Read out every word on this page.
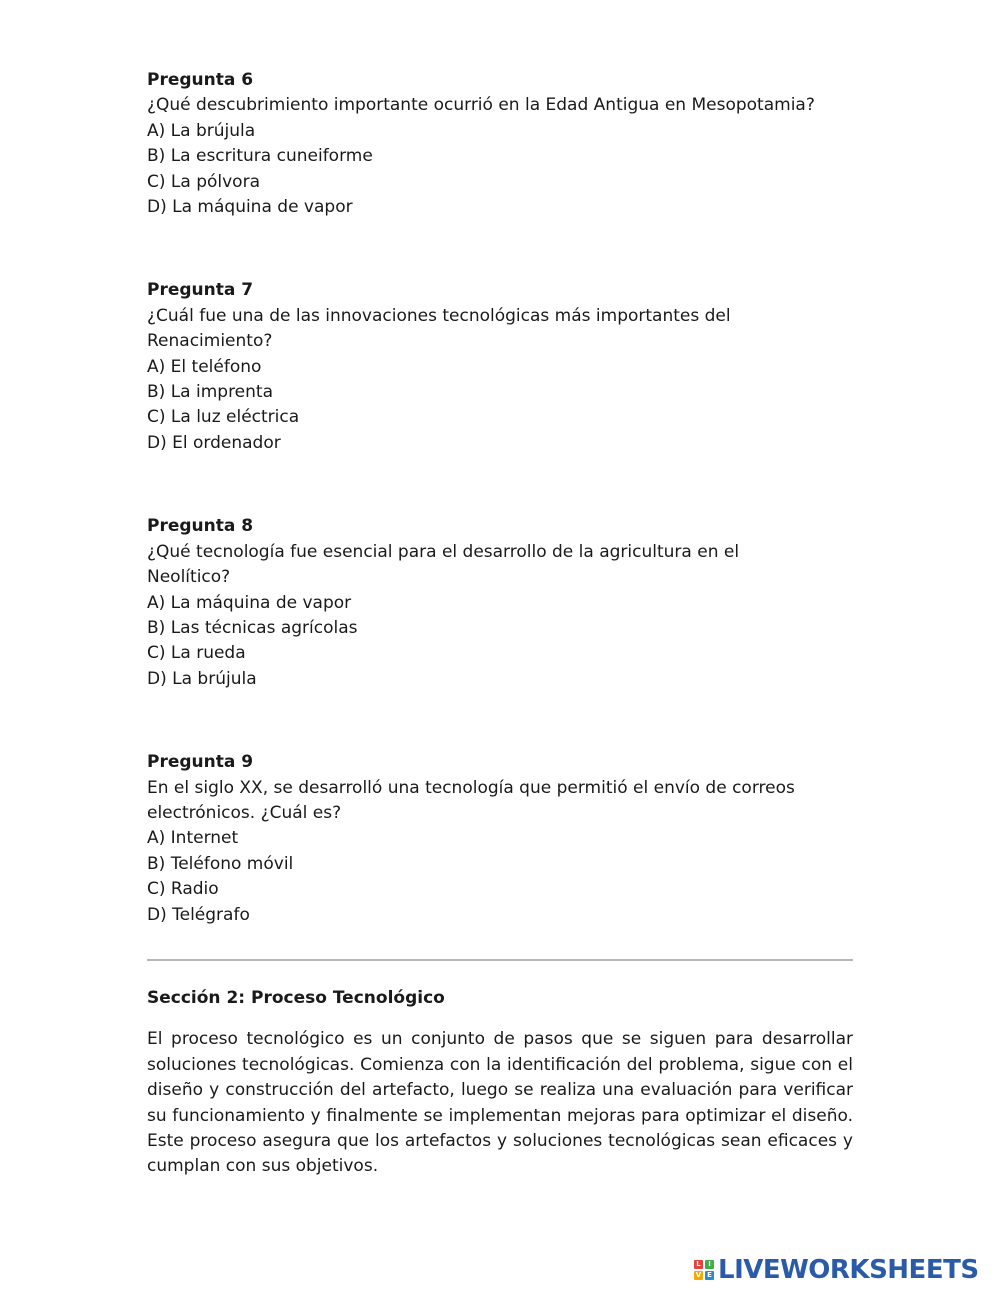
Pregunta 6
¿Qué descubrimiento importante ocurrió en la Edad Antigua en Mesopotamia?
A) La brújula
B) La escritura cuneiforme
C) La pólvora
D) La máquina de vapor
Pregunta 7
¿Cuál fue una de las innovaciones tecnológicas más importantes del Renacimiento?
A) El teléfono
B) La imprenta
C) La luz eléctrica
D) El ordenador
Pregunta 8
¿Qué tecnología fue esencial para el desarrollo de la agricultura en el Neolítico?
A) La máquina de vapor
B) Las técnicas agrícolas
C) La rueda
D) La brújula
Pregunta 9
En el siglo XX, se desarrolló una tecnología que permitió el envío de correos electrónicos. ¿Cuál es?
A) Internet
B) Teléfono móvil
C) Radio
D) Telégrafo
Sección 2: Proceso Tecnológico
El proceso tecnológico es un conjunto de pasos que se siguen para desarrollar soluciones tecnológicas. Comienza con la identificación del problema, sigue con el diseño y construcción del artefacto, luego se realiza una evaluación para verificar su funcionamiento y finalmente se implementan mejoras para optimizar el diseño. Este proceso asegura que los artefactos y soluciones tecnológicas sean eficaces y cumplan con sus objetivos.
L	I
V E LIVEWORKSHEETS
